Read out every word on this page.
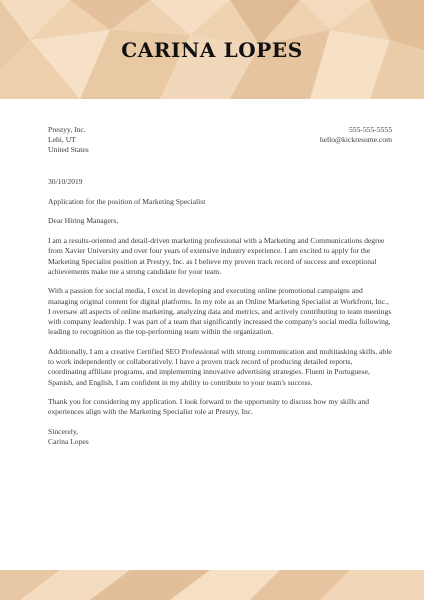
CARINA LOPES
Prestyy, Inc.
Lehi, UT
United States
555-555-5555
hello@kickresume.com

30/10/2019

Application for the position of Marketing Specialist

Dear Hiring Managers,

I am a results-oriented and detail-driven marketing professional with a Marketing and Communications degree from Xavier University and over four years of extensive industry experience. I am excited to apply for the Marketing Specialist position at Prestyy, Inc. as I believe my proven track record of success and exceptional achievements make me a strong candidate for your team.

With a passion for social media, I excel in developing and executing online promotional campaigns and managing original content for digital platforms. In my role as an Online Marketing Specialist at Workfront, Inc., I oversaw all aspects of online marketing, analyzing data and metrics, and actively contributing to team meetings with company leadership. I was part of a team that significantly increased the company's social media following, leading to recognition as the top-performing team within the organization.

Additionally, I am a creative Certified SEO Professional with strong communication and multitasking skills, able to work independently or collaboratively. I have a proven track record of producing detailed reports, coordinating affiliate programs, and implementing innovative advertising strategies. Fluent in Portuguese, Spanish, and English, I am confident in my ability to contribute to your team's success.

Thank you for considering my application. I look forward to the opportunity to discuss how my skills and experiences align with the Marketing Specialist role at Prestyy, Inc.

Sincerely,

Carina Lopes
